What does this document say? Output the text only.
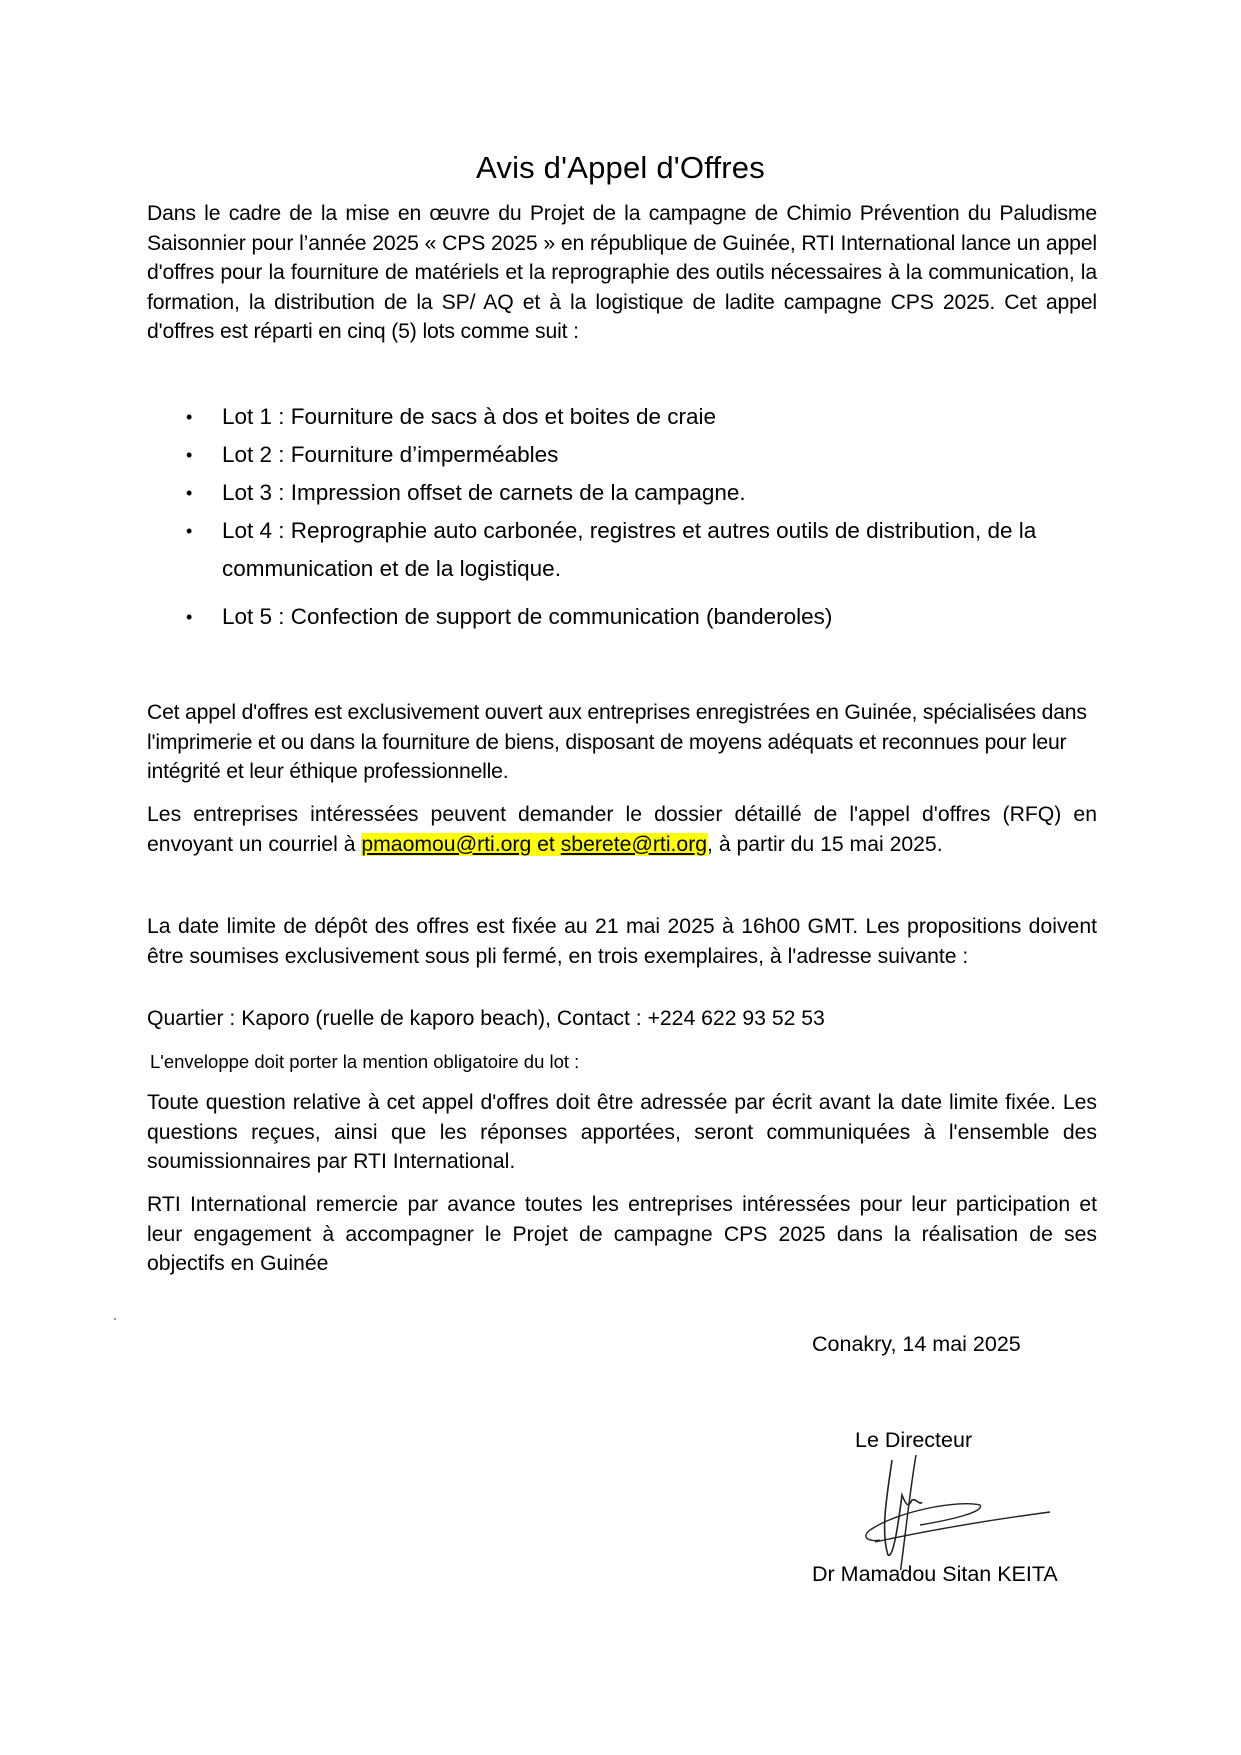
Avis d'Appel d'Offres
Dans le cadre de la mise en œuvre du Projet de la campagne de Chimio Prévention du Paludisme Saisonnier pour l’année 2025 « CPS 2025 » en république de Guinée, RTI International lance un appel d'offres pour la fourniture de matériels et la reprographie des outils nécessaires à la communication, la formation, la distribution de la SP/ AQ et à la logistique de ladite campagne CPS 2025. Cet appel d'offres est réparti en cinq (5) lots comme suit :
• Lot 1 : Fourniture de sacs à dos et boites de craie
• Lot 2 : Fourniture d’imperméables
• Lot 3 : Impression offset de carnets de la campagne.
• Lot 4 : Reprographie auto carbonée, registres et autres outils de distribution, de la communication et de la logistique.
• Lot 5 : Confection de support de communication (banderoles)
Cet appel d'offres est exclusivement ouvert aux entreprises enregistrées en Guinée, spécialisées dans l'imprimerie et ou dans la fourniture de biens, disposant de moyens adéquats et reconnues pour leur intégrité et leur éthique professionnelle.
Les entreprises intéressées peuvent demander le dossier détaillé de l'appel d'offres (RFQ) en envoyant un courriel à pmaomou@rti.org et sberete@rti.org, à partir du 15 mai 2025.
La date limite de dépôt des offres est fixée au 21 mai 2025 à 16h00 GMT. Les propositions doivent être soumises exclusivement sous pli fermé, en trois exemplaires, à l'adresse suivante :
Quartier : Kaporo (ruelle de kaporo beach), Contact : +224 622 93 52 53
L'enveloppe doit porter la mention obligatoire du lot :
Toute question relative à cet appel d'offres doit être adressée par écrit avant la date limite fixée. Les questions reçues, ainsi que les réponses apportées, seront communiquées à l'ensemble des soumissionnaires par RTI International.
RTI International remercie par avance toutes les entreprises intéressées pour leur participation et leur engagement à accompagner le Projet de campagne CPS 2025 dans la réalisation de ses objectifs en Guinée
Conakry, 14 mai 2025
Le Directeur
Dr Mamadou Sitan KEITA
